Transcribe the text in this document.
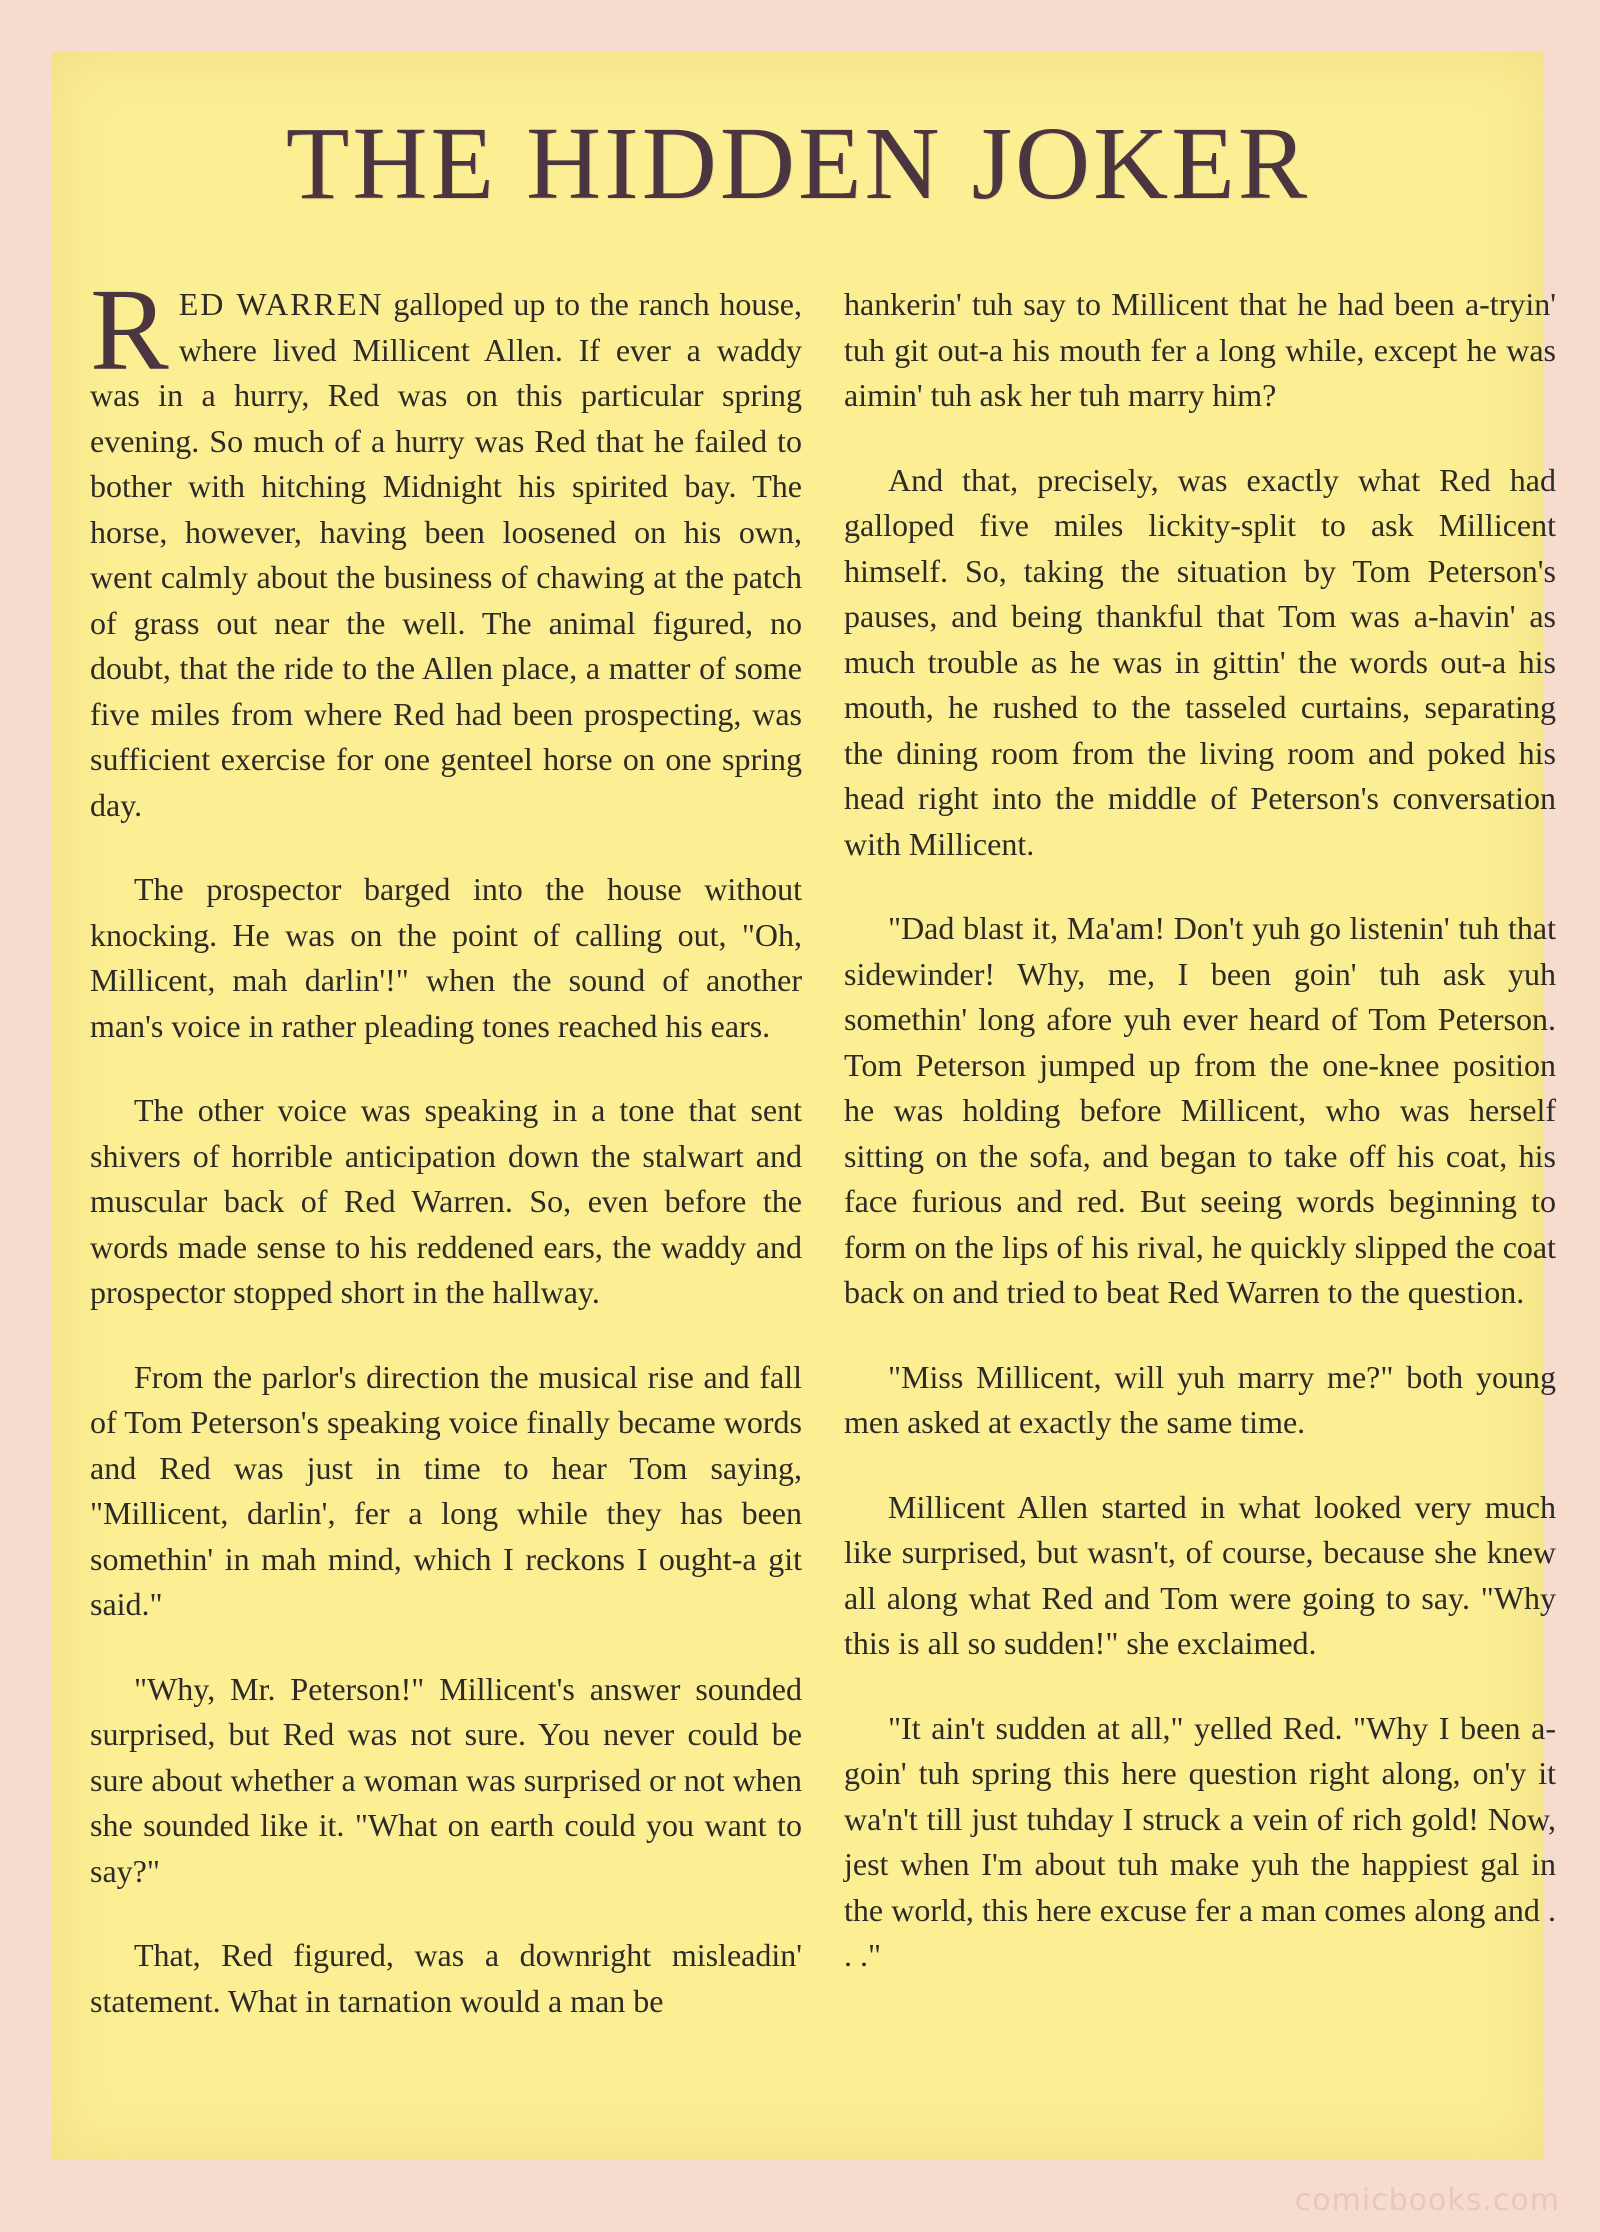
THE HIDDEN JOKER

RED WARREN galloped up to the ranch house, where lived Millicent Allen. If ever a waddy was in a hurry, Red was on this particular spring evening. So much of a hurry was Red that he failed to bother with hitching Midnight his spirited bay. The horse, however, having been loosened on his own, went calmly about the business of chawing at the patch of grass out near the well. The animal figured, no doubt, that the ride to the Allen place, a matter of some five miles from where Red had been prospecting, was sufficient exercise for one genteel horse on one spring day.

The prospector barged into the house without knocking. He was on the point of calling out, "Oh, Millicent, mah darlin'!" when the sound of another man's voice in rather pleading tones reached his ears.

The other voice was speaking in a tone that sent shivers of horrible anticipation down the stalwart and muscular back of Red Warren. So, even before the words made sense to his reddened ears, the waddy and prospector stopped short in the hallway.

From the parlor's direction the musical rise and fall of Tom Peterson's speaking voice finally became words and Red was just in time to hear Tom saying, "Millicent, darlin', fer a long while they has been somethin' in mah mind, which I reckons I ought-a git said."

"Why, Mr. Peterson!" Millicent's answer sounded surprised, but Red was not sure. You never could be sure about whether a woman was surprised or not when she sounded like it. "What on earth could you want to say?"

That, Red figured, was a downright misleadin' statement. What in tarnation would a man be

hankerin' tuh say to Millicent that he had been a-tryin' tuh git out-a his mouth fer a long while, except he was aimin' tuh ask her tuh marry him?

And that, precisely, was exactly what Red had galloped five miles lickity-split to ask Millicent himself. So, taking the situation by Tom Peterson's pauses, and being thankful that Tom was a-havin' as much trouble as he was in gittin' the words out-a his mouth, he rushed to the tasseled curtains, separating the dining room from the living room and poked his head right into the middle of Peterson's conversation with Millicent.

"Dad blast it, Ma'am! Don't yuh go listenin' tuh that sidewinder! Why, me, I been goin' tuh ask yuh somethin' long afore yuh ever heard of Tom Peterson. Tom Peterson jumped up from the one-knee position he was holding before Millicent, who was herself sitting on the sofa, and began to take off his coat, his face furious and red. But seeing words beginning to form on the lips of his rival, he quickly slipped the coat back on and tried to beat Red Warren to the question.

"Miss Millicent, will yuh marry me?" both young men asked at exactly the same time.

Millicent Allen started in what looked very much like surprised, but wasn't, of course, because she knew all along what Red and Tom were going to say. "Why this is all so sudden!" she exclaimed.

"It ain't sudden at all," yelled Red. "Why I been a-goin' tuh spring this here question right along, on'y it wa'n't till just tuhday I struck a vein of rich gold! Now, jest when I'm about tuh make yuh the happiest gal in the world, this here excuse fer a man comes along and . . ."

comicbooks.com
